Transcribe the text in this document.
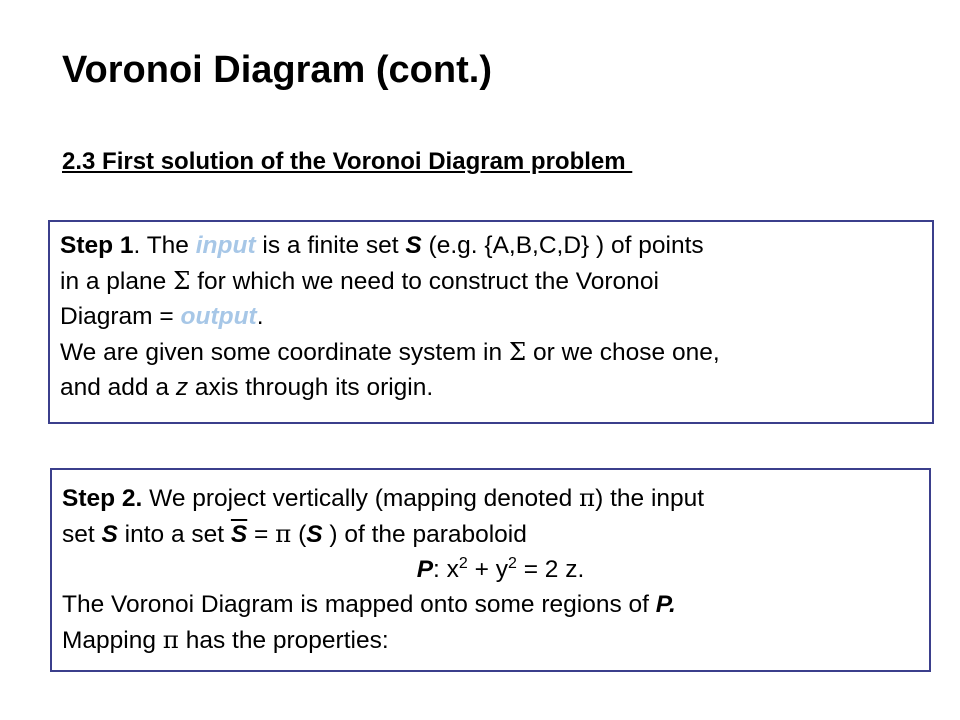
Voronoi Diagram (cont.)

2.3 First solution of the Voronoi Diagram problem

Step 1. The input is a finite set S (e.g. {A,B,C,D} ) of points
in a plane Σ for which we need to construct the Voronoi
Diagram = output.
We are given some coordinate system in Σ or we chose one,
and add a z axis through its origin.
Step 2. We project vertically (mapping denoted π) the input
set S into a set $\overline{S} = \pi$ (S ) of the paraboloid
P: $x^2 + y^2 = 2$ z.
The Voronoi Diagram is mapped onto some regions of P.
Mapping π has the properties:
